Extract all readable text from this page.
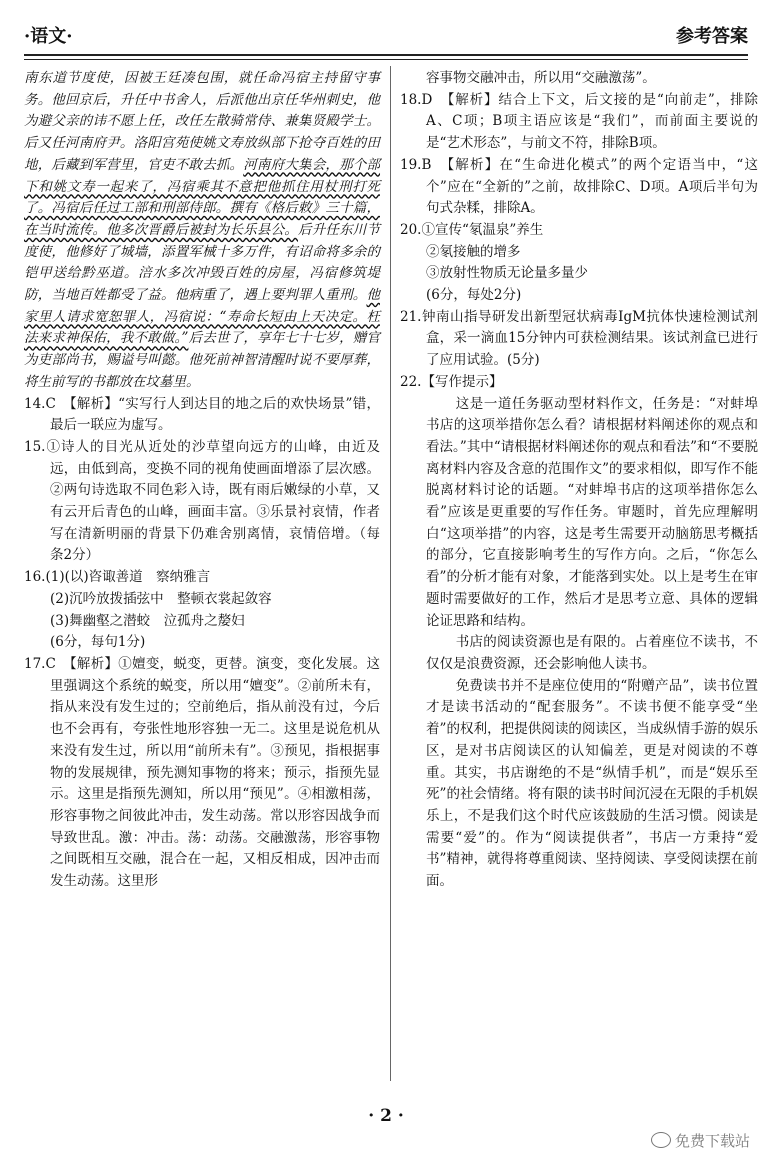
·语文·	参考答案

南东道节度使，因被王廷凑包围，就任命冯宿主持留守事务。他回京后，升任中书舍人，后派他出京任华州刺史，他为避父亲的讳不愿上任，改任左散骑常侍、兼集贤殿学士。后又任河南府尹。洛阳宫苑使姚文寿放纵部下抢夺百姓的田地，后藏到军营里，官吏不敢去抓。河南府大集会，那个部下和姚文寿一起来了，冯宿乘其不意把他抓住用杖刑打死了。冯宿后任过工部和刑部侍郎。撰有《格后敕》三十篇，在当时流传。他多次晋爵后被封为长乐县公。后升任东川节度使，他修好了城墙，添置军械十多万件，有诏命将多余的铠甲送给黔巫道。涪水多次冲毁百姓的房屋，冯宿修筑堤防，当地百姓都受了益。他病重了，遇上要判罪人重刑。他家里人请求宽恕罪人，冯宿说：“寿命长短由上天决定。枉法来求神保佑，我不敢做。”后去世了，享年七十七岁，赠官为吏部尚书，赐谥号叫懿。他死前神智清醒时说不要厚葬，将生前写的书都放在坟墓里。

14.C　【解析】“实写行人到达目的地之后的欢快场景”错，最后一联应为虚写。

15.①诗人的目光从近处的沙草望向远方的山峰，由近及远，由低到高，变换不同的视角使画面增添了层次感。②两句诗选取不同色彩入诗，既有雨后嫩绿的小草，又有云开后青色的山峰，画面丰富。③乐景衬哀情，作者写在清新明丽的背景下仍难舍别离情，哀情倍增。（每条2分）

16.(1)(以)咨诹善道　察纳雅言

(2)沉吟放拨插弦中　整顿衣裳起敛容

(3)舞幽壑之潜蛟　泣孤舟之嫠妇

(6分，每句1分)

17.C　【解析】①嬗变，蜕变，更替。演变，变化发展。这里强调这个系统的蜕变，所以用“嬗变”。②前所未有，指从来没有发生过的；空前绝后，指从前没有过，今后也不会再有，夸张性地形容独一无二。这里是说危机从来没有发生过，所以用“前所未有”。③预见，指根据事物的发展规律，预先测知事物的将来；预示，指预先显示。这里是指预先测知，所以用“预见”。④相激相荡，形容事物之间彼此冲击，发生动荡。常以形容因战争而导致世乱。激：冲击。荡：动荡。交融激荡，形容事物之间既相互交融，混合在一起，又相反相成，因冲击而发生动荡。这里形

容事物交融冲击，所以用“交融激荡”。

18.D　【解析】结合上下文，后文接的是“向前走”，排除A、C项；B项主语应该是“我们”，而前面主要说的是“艺术形态”，与前文不符，排除B项。

19.B　【解析】在“生命进化模式”的两个定语当中，“这个”应在“全新的”之前，故排除C、D项。A项后半句为句式杂糅，排除A。

20.①宣传“氡温泉”养生

②氡接触的增多

③放射性物质无论量多量少

(6分，每处2分)

21.钟南山指导研发出新型冠状病毒IgM抗体快速检测试剂盒，采一滴血15分钟内可获检测结果。该试剂盒已进行了应用试验。(5分)

22.【写作提示】

这是一道任务驱动型材料作文，任务是：“对蚌埠书店的这项举措你怎么看？请根据材料阐述你的观点和看法。”其中“请根据材料阐述你的观点和看法”和“不要脱离材料内容及含意的范围作文”的要求相似，即写作不能脱离材料讨论的话题。“对蚌埠书店的这项举措你怎么看”应该是更重要的写作任务。审题时，首先应理解明白“这项举措”的内容，这是考生需要开动脑筋思考概括的部分，它直接影响考生的写作方向。之后，“你怎么看”的分析才能有对象，才能落到实处。以上是考生在审题时需要做好的工作，然后才是思考立意、具体的逻辑论证思路和结构。

书店的阅读资源也是有限的。占着座位不读书，不仅仅是浪费资源，还会影响他人读书。

免费读书并不是座位使用的“附赠产品”，读书位置才是读书活动的“配套服务”。不读书便不能享受“坐着”的权利，把提供阅读的阅读区，当成纵情手游的娱乐区，是对书店阅读区的认知偏差，更是对阅读的不尊重。其实，书店谢绝的不是“纵情手机”，而是“娱乐至死”的社会情绪。将有限的读书时间沉浸在无限的手机娱乐上，不是我们这个时代应该鼓励的生活习惯。阅读是需要“爱”的。作为“阅读提供者”，书店一方秉持“爱书”精神，就得将尊重阅读、坚持阅读、享受阅读摆在前面。

· 2 ·
免费下载站
